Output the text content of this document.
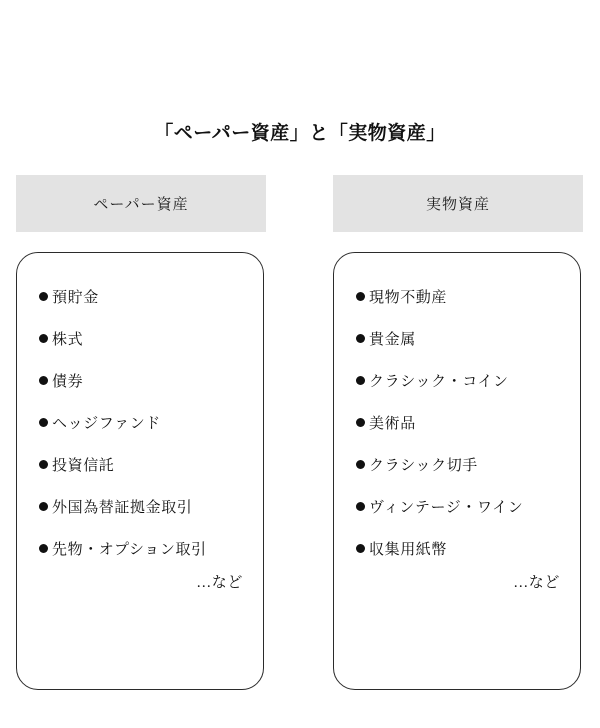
「ペーパー資産」と「実物資産」
ペーパー資産
預貯金
株式
債券
ヘッジファンド
投資信託
外国為替証拠金取引
先物・オプション取引
…など
実物資産
現物不動産
貴金属
クラシック・コイン
美術品
クラシック切手
ヴィンテージ・ワイン
収集用紙幣
…など
